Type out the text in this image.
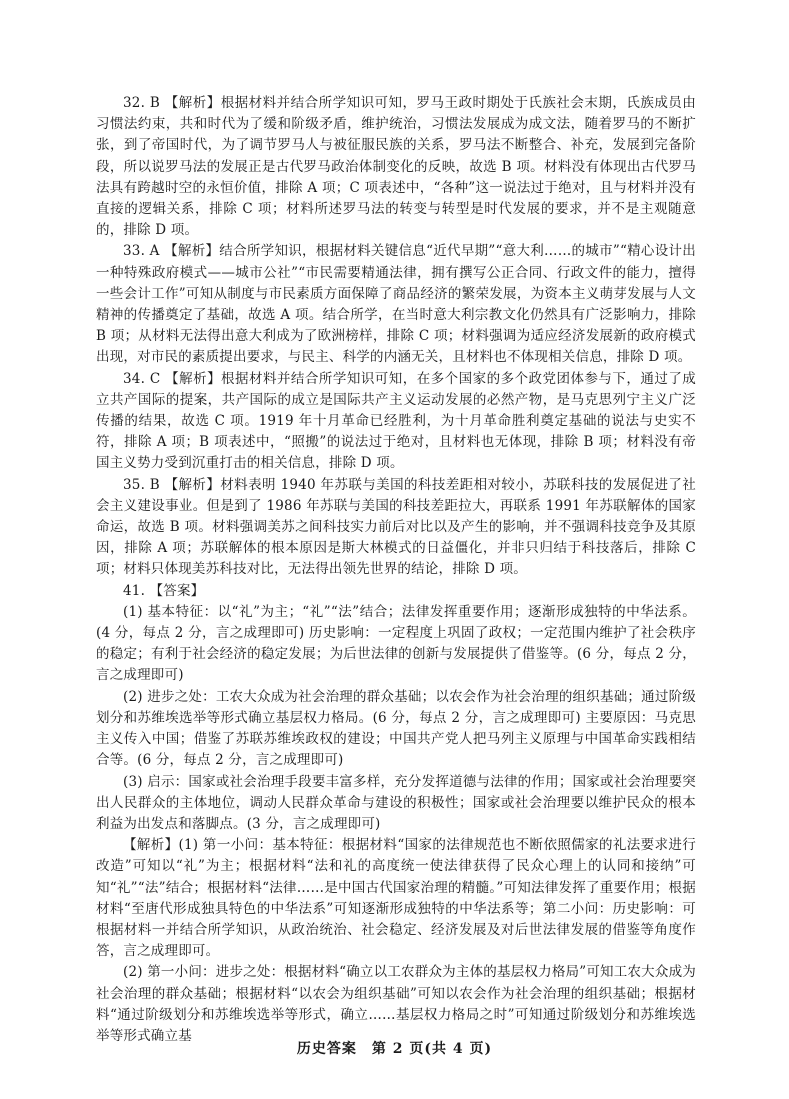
32. B 【解析】根据材料并结合所学知识可知，罗马王政时期处于氏族社会末期，氏族成员由习惯法约束，共和时代为了缓和阶级矛盾，维护统治，习惯法发展成为成文法，随着罗马的不断扩张，到了帝国时代，为了调节罗马人与被征服民族的关系，罗马法不断整合、补充，发展到完备阶段，所以说罗马法的发展正是古代罗马政治体制变化的反映，故选 B 项。材料没有体现出古代罗马法具有跨越时空的永恒价值，排除 A 项；C 项表述中，“各种”这一说法过于绝对，且与材料并没有直接的逻辑关系，排除 C 项；材料所述罗马法的转变与转型是时代发展的要求，并不是主观随意的，排除 D 项。

33. A 【解析】结合所学知识，根据材料关键信息“近代早期”“意大利……的城市”“精心设计出一种特殊政府模式——城市公社”“市民需要精通法律，拥有撰写公正合同、行政文件的能力，擅得一些会计工作”可知从制度与市民素质方面保障了商品经济的繁荣发展，为资本主义萌芽发展与人文精神的传播奠定了基础，故选 A 项。结合所学，在当时意大利宗教文化仍然具有广泛影响力，排除 B 项；从材料无法得出意大利成为了欧洲榜样，排除 C 项；材料强调为适应经济发展新的政府模式出现，对市民的素质提出要求，与民主、科学的内涵无关，且材料也不体现相关信息，排除 D 项。

34. C 【解析】根据材料并结合所学知识可知，在多个国家的多个政党团体参与下，通过了成立共产国际的提案，共产国际的成立是国际共产主义运动发展的必然产物，是马克思列宁主义广泛传播的结果，故选 C 项。1919 年十月革命已经胜利，为十月革命胜利奠定基础的说法与史实不符，排除 A 项；B 项表述中，“照搬”的说法过于绝对，且材料也无体现，排除 B 项；材料没有帝国主义势力受到沉重打击的相关信息，排除 D 项。

35. B 【解析】材料表明 1940 年苏联与美国的科技差距相对较小，苏联科技的发展促进了社会主义建设事业。但是到了 1986 年苏联与美国的科技差距拉大，再联系 1991 年苏联解体的国家命运，故选 B 项。材料强调美苏之间科技实力前后对比以及产生的影响，并不强调科技竞争及其原因，排除 A 项；苏联解体的根本原因是斯大林模式的日益僵化，并非只归结于科技落后，排除 C 项；材料只体现美苏科技对比，无法得出领先世界的结论，排除 D 项。

41. 【答案】

(1) 基本特征：以“礼”为主；“礼”“法”结合；法律发挥重要作用；逐渐形成独特的中华法系。(4 分，每点 2 分，言之成理即可) 历史影响：一定程度上巩固了政权；一定范围内维护了社会秩序的稳定；有利于社会经济的稳定发展；为后世法律的创新与发展提供了借鉴等。(6 分，每点 2 分，言之成理即可)

(2) 进步之处：工农大众成为社会治理的群众基础；以农会作为社会治理的组织基础；通过阶级划分和苏维埃选举等形式确立基层权力格局。(6 分，每点 2 分，言之成理即可) 主要原因：马克思主义传入中国；借鉴了苏联苏维埃政权的建设；中国共产党人把马列主义原理与中国革命实践相结合等。(6 分，每点 2 分，言之成理即可)

(3) 启示：国家或社会治理手段要丰富多样，充分发挥道德与法律的作用；国家或社会治理要突出人民群众的主体地位，调动人民群众革命与建设的积极性；国家或社会治理要以维护民众的根本利益为出发点和落脚点。(3 分，言之成理即可)

【解析】(1) 第一小问：基本特征：根据材料“国家的法律规范也不断依照儒家的礼法要求进行改造”可知以“礼”为主；根据材料“法和礼的高度统一使法律获得了民众心理上的认同和接纳”可知“礼”“法”结合；根据材料“法律……是中国古代国家治理的精髓。”可知法律发挥了重要作用；根据材料“至唐代形成独具特色的中华法系”可知逐渐形成独特的中华法系等；第二小问：历史影响：可根据材料一并结合所学知识，从政治统治、社会稳定、经济发展及对后世法律发展的借鉴等角度作答，言之成理即可。

(2) 第一小问：进步之处：根据材料“确立以工农群众为主体的基层权力格局”可知工农大众成为社会治理的群众基础；根据材料“以农会为组织基础”可知以农会作为社会治理的组织基础；根据材料“通过阶级划分和苏维埃选举等形式，确立……基层权力格局之时”可知通过阶级划分和苏维埃选举等形式确立基

历史答案　第 2 页(共 4 页)
